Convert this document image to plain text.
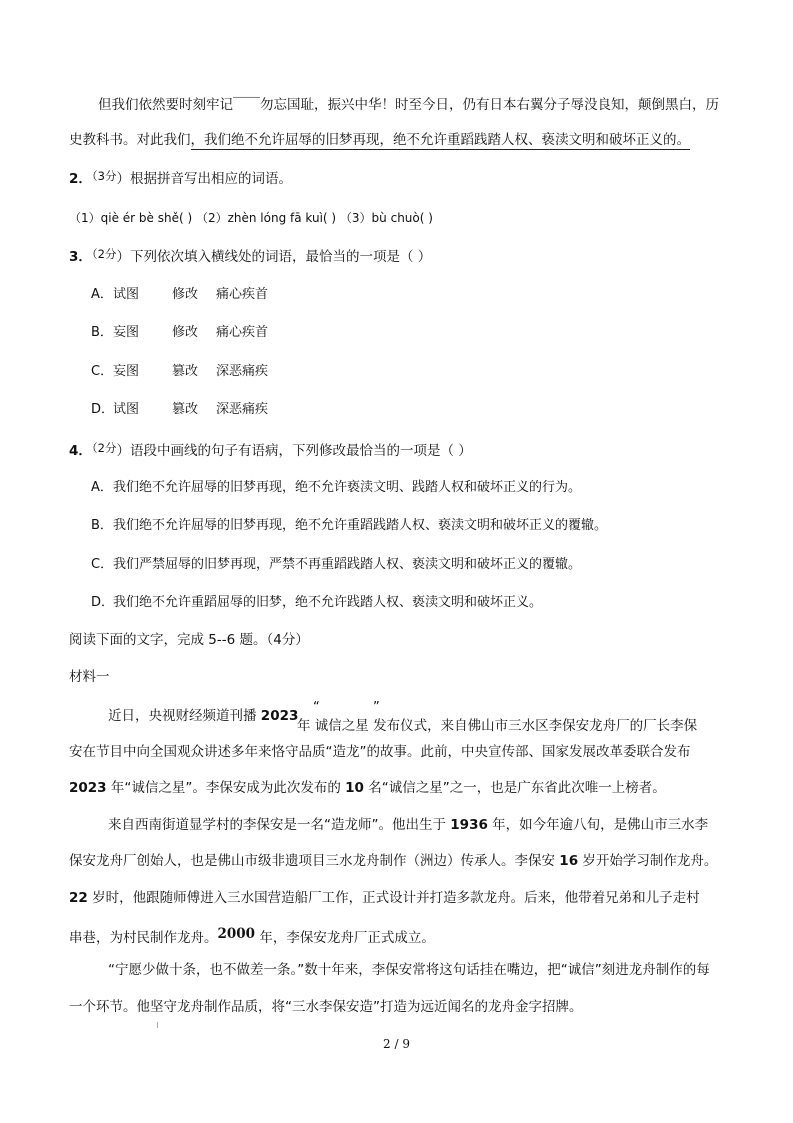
但我们依然要时刻牢记￣￣勿忘国耻，振兴中华！时至今日，仍有日本右翼分子辱没良知，颠倒黑白，历
史教科书。对此我们，我们绝不允许屈辱的旧梦再现，绝不允许重蹈践踏人权、亵渎文明和破坏正义的。
2．（3分）根据拼音写出相应的词语。
（1）qiè ér bè shě( ) （2）zhèn lóng fā kuì( ) （3）bù chuò( )
3．（2分）下列依次填入横线处的词语，最恰当的一项是（ ）
A．试图	修改 痛心疾首
B．妄图	修改 痛心疾首
C．妄图	篡改 深恶痛疾
D．试图	篡改 深恶痛疾
4．（2分）语段中画线的句子有语病，下列修改最恰当的一项是（ ）
A．我们绝不允许屈辱的旧梦再现，绝不允许亵渎文明、践踏人权和破坏正义的行为。
B．我们绝不允许屈辱的旧梦再现，绝不允许重蹈践踏人权、亵渎文明和破坏正义的覆辙。
C．我们严禁屈辱的旧梦再现，严禁不再重蹈践踏人权、亵渎文明和破坏正义的覆辙。
D．我们绝不允许重蹈屈辱的旧梦，绝不允许践踏人权、亵渎文明和破坏正义。
阅读下面的文字，完成 5--6 题。（4分）
材料一
“	”
近日，央视财经频道刊播 2023
年 诚信之星 发布仪式，来自佛山市三水区李保安龙舟厂的厂长李保
安在节目中向全国观众讲述多年来恪守品质“造龙”的故事。此前，中央宣传部、国家发展改革委联合发布
2023 年“诚信之星”。李保安成为此次发布的 10 名“诚信之星”之一，也是广东省此次唯一上榜者。
来自西南街道显学村的李保安是一名“造龙师”。他出生于 1936 年，如今年逾八旬，是佛山市三水李
保安龙舟厂创始人，也是佛山市级非遗项目三水龙舟制作（洲边）传承人。李保安 16 岁开始学习制作龙舟。
22 岁时，他跟随师傅进入三水国营造船厂工作，正式设计并打造多款龙舟。后来，他带着兄弟和儿子走村
串巷，为村民制作龙舟。2000 年，李保安龙舟厂正式成立。
“宁愿少做十条，也不做差一条。”数十年来，李保安常将这句话挂在嘴边，把“诚信”刻进龙舟制作的每
一个环节。他坚守龙舟制作品质，将“三水李保安造”打造为远近闻名的龙舟金字招牌。
2 / 9
